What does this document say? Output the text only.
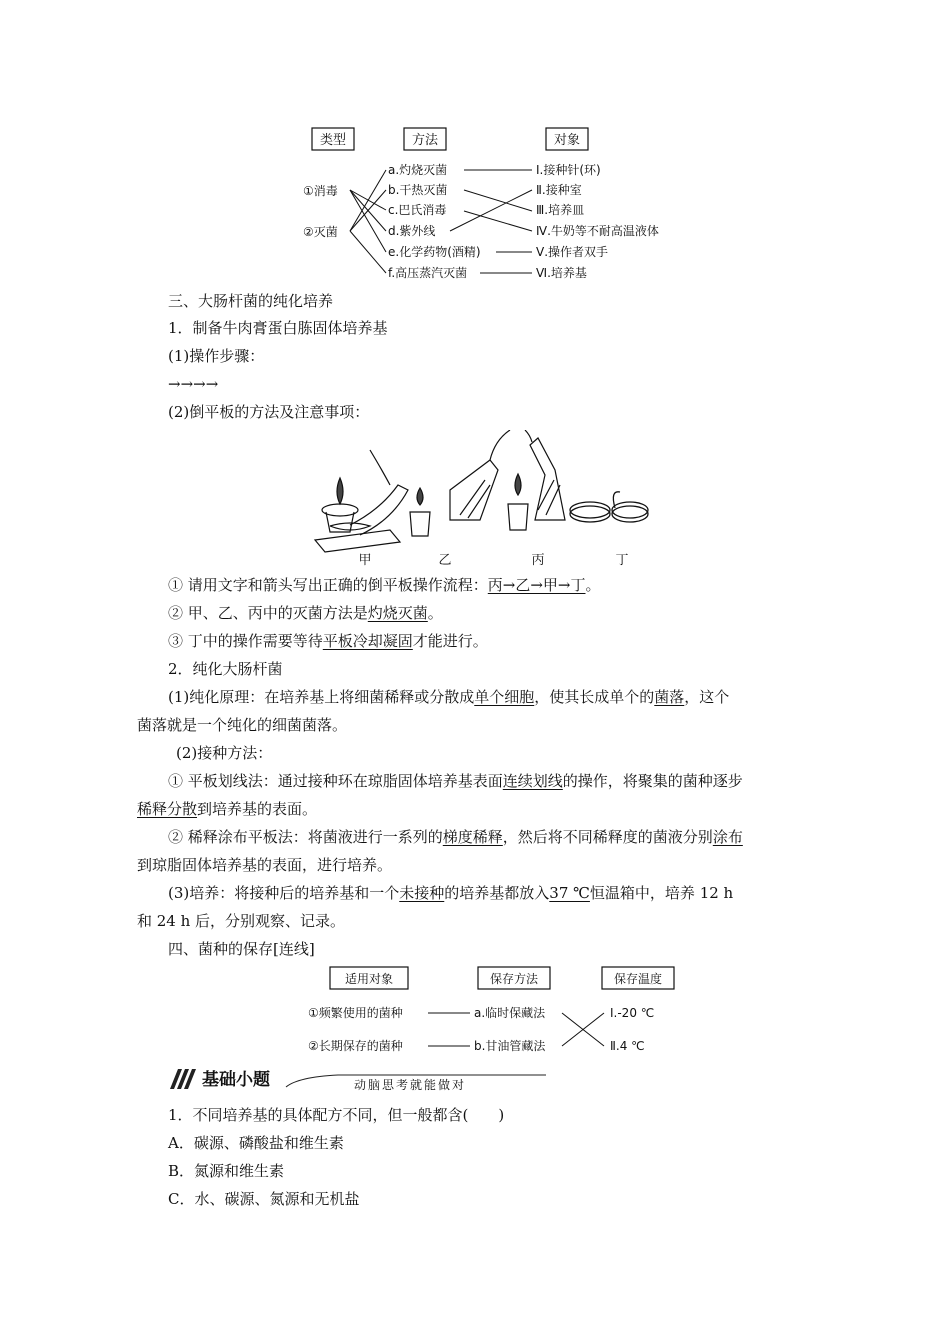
类型	方法	对象
①消毒
②灭菌
a.灼烧灭菌
b.干热灭菌
c.巴氏消毒
d.紫外线
e.化学药物(酒精)
f.高压蒸汽灭菌
Ⅰ.接种针(环)
Ⅱ.接种室
Ⅲ.培养皿
Ⅳ.牛奶等不耐高温液体
Ⅴ.操作者双手
Ⅵ.培养基
三、大肠杆菌的纯化培养
1．制备牛肉膏蛋白胨固体培养基
(1)操作步骤：
→→→→
(2)倒平板的方法及注意事项：
甲	乙	丙	丁
① 请用文字和箭头写出正确的倒平板操作流程：丙→乙→甲→丁。
② 甲、乙、丙中的灭菌方法是灼烧灭菌。
③ 丁中的操作需要等待平板冷却凝固才能进行。
2．纯化大肠杆菌
(1)纯化原理：在培养基上将细菌稀释或分散成单个细胞，使其长成单个的菌落，这个
菌落就是一个纯化的细菌菌落。
(2)接种方法：
① 平板划线法：通过接种环在琼脂固体培养基表面连续划线的操作，将聚集的菌种逐步
稀释分散到培养基的表面。
② 稀释涂布平板法：将菌液进行一系列的梯度稀释，然后将不同稀释度的菌液分别涂布
到琼脂固体培养基的表面，进行培养。
(3)培养：将接种后的培养基和一个未接种的培养基都放入37 ℃恒温箱中，培养 12 h
和 24 h 后，分别观察、记录。
四、菌种的保存[连线]
适用对象	保存方法	保存温度
①频繁使用的菌种
②长期保存的菌种
a.临时保藏法
b.甘油管藏法
Ⅰ.-20 ℃
Ⅱ.4 ℃
基础小题	动脑思考就能做对
1．不同培养基的具体配方不同，但一般都含(　　)
A．碳源、磷酸盐和维生素
B．氮源和维生素
C．水、碳源、氮源和无机盐
